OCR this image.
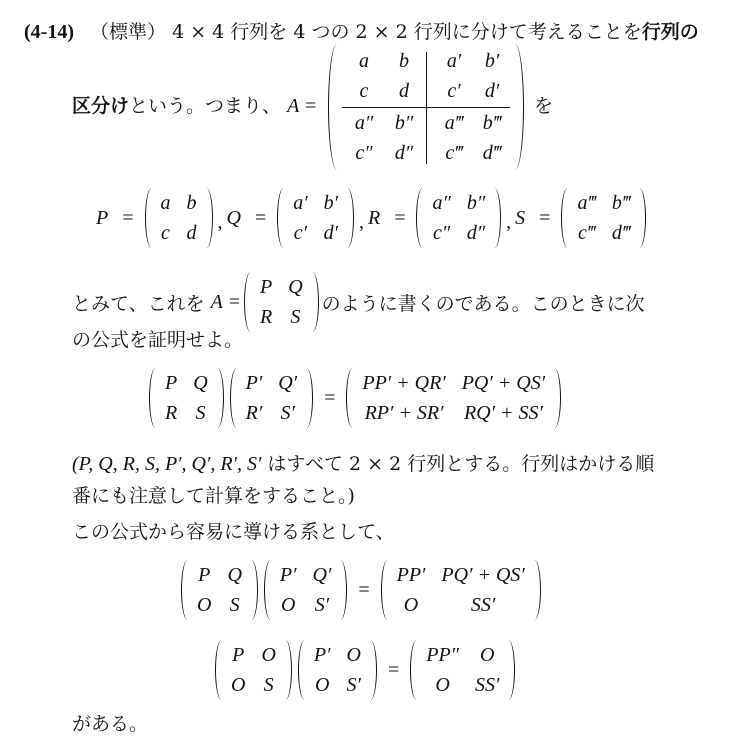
(4-14) （標準） 4 × 4 行列を 4 つの 2 × 2 行列に分けて考えることを行列の
区分けという。つまり、 A =
a	b	a′	b′
c	d	c′	d′
a″	b″	a‴ b‴
c″	d″	c‴	d‴
を
P =
a	b
c	d , Q =
a′	b′
c′	d′ , R =
a″	b″
c″	d″ , S =
a‴	b‴
c‴	d‴
とみて、これを A =
P	Q
R	S
のように書くのである。このときに次
の公式を証明せよ。
P	Q
R	S
P′	Q′
R′	S′
=
PP′ + QR′	PQ′ + QS′
RP′ + SR′	RQ′ + SS′
(P, Q, R, S, P′, Q′, R′, S′ はすべて 2 × 2 行列とする。行列はかける順
番にも注意して計算をすること。)
この公式から容易に導ける系として、
P	Q
O	S
P′	Q′
O	S′
=
PP′	PQ′ + QS′
O	SS′
P	O
O	S
P′	O
O	S′
=
PP″	O
O	SS′
がある。
